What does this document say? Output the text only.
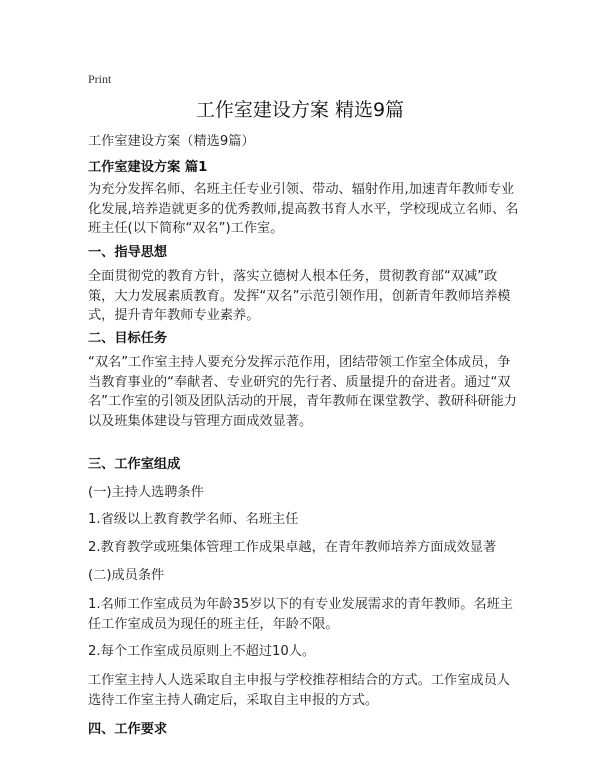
Print
工作室建设方案 精选9篇

工作室建设方案（精选9篇）

工作室建设方案 篇1

为充分发挥名师、名班主任专业引领、带动、辐射作用,加速青年教师专业化发展,培养造就更多的优秀教师,提高教书育人水平，学校现成立名师、名班主任(以下简称“双名”)工作室。

一、指导思想

全面贯彻党的教育方针，落实立德树人根本任务，贯彻教育部“双减”政策，大力发展素质教育。发挥“双名”示范引领作用，创新青年教师培养模式，提升青年教师专业素养。

二、目标任务

“双名”工作室主持人要充分发挥示范作用，团结带领工作室全体成员，争当教育事业的“奉献者、专业研究的先行者、质量提升的奋进者。通过“双名”工作室的引领及团队活动的开展，青年教师在课堂教学、教研科研能力以及班集体建设与管理方面成效显著。

三、工作室组成

(一)主持人选聘条件

1.省级以上教育教学名师、名班主任

2.教育教学或班集体管理工作成果卓越，在青年教师培养方面成效显著

(二)成员条件

1.名师工作室成员为年龄35岁以下的有专业发展需求的青年教师。名班主任工作室成员为现任的班主任，年龄不限。

2.每个工作室成员原则上不超过10人。

工作室主持人人选采取自主申报与学校推荐相结合的方式。工作室成员人选待工作室主持人确定后，采取自主申报的方式。

四、工作要求
